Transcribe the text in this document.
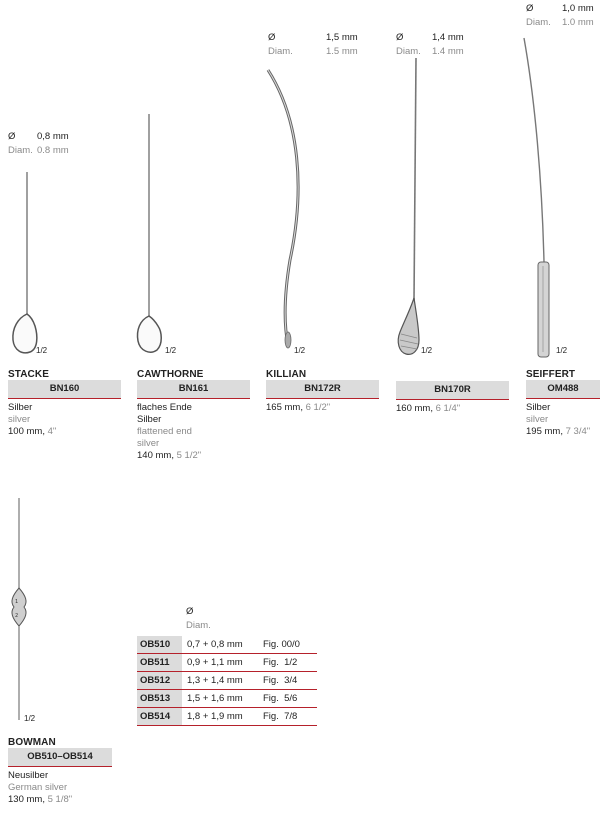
1
2
Ø	0,8 mm
Diam. 0.8 mm
Ø	1,5 mm
Diam.	1.5 mm
Ø	1,4 mm
Diam.	1.4 mm
Ø	1,0 mm
Diam.	1.0 mm
1/2	1/2	1/2	1/2	1/2
1/2
STACKE
BN160
Silber
silver
100 mm, 4"
CAWTHORNE
BN161
flaches Ende
Silber
flattened end
silver
140 mm, 5 1/2"
KILLIAN
BN172R
165 mm, 6 1/2"
BN170R
160 mm, 6 1/4"
SEIFFERT
OM488
Silber
silver
195 mm, 7 3/4"
BOWMAN
OB510–OB514
Neusilber
German silver
130 mm, 5 1/8"
Ø
Diam.
OB510	0,7 + 0,8 mm	Fig. 00/0
OB511	0,9 + 1,1 mm	Fig.  1/2
OB512	1,3 + 1,4 mm	Fig.  3/4
OB513	1,5 + 1,6 mm	Fig.  5/6
OB514	1,8 + 1,9 mm	Fig.  7/8
